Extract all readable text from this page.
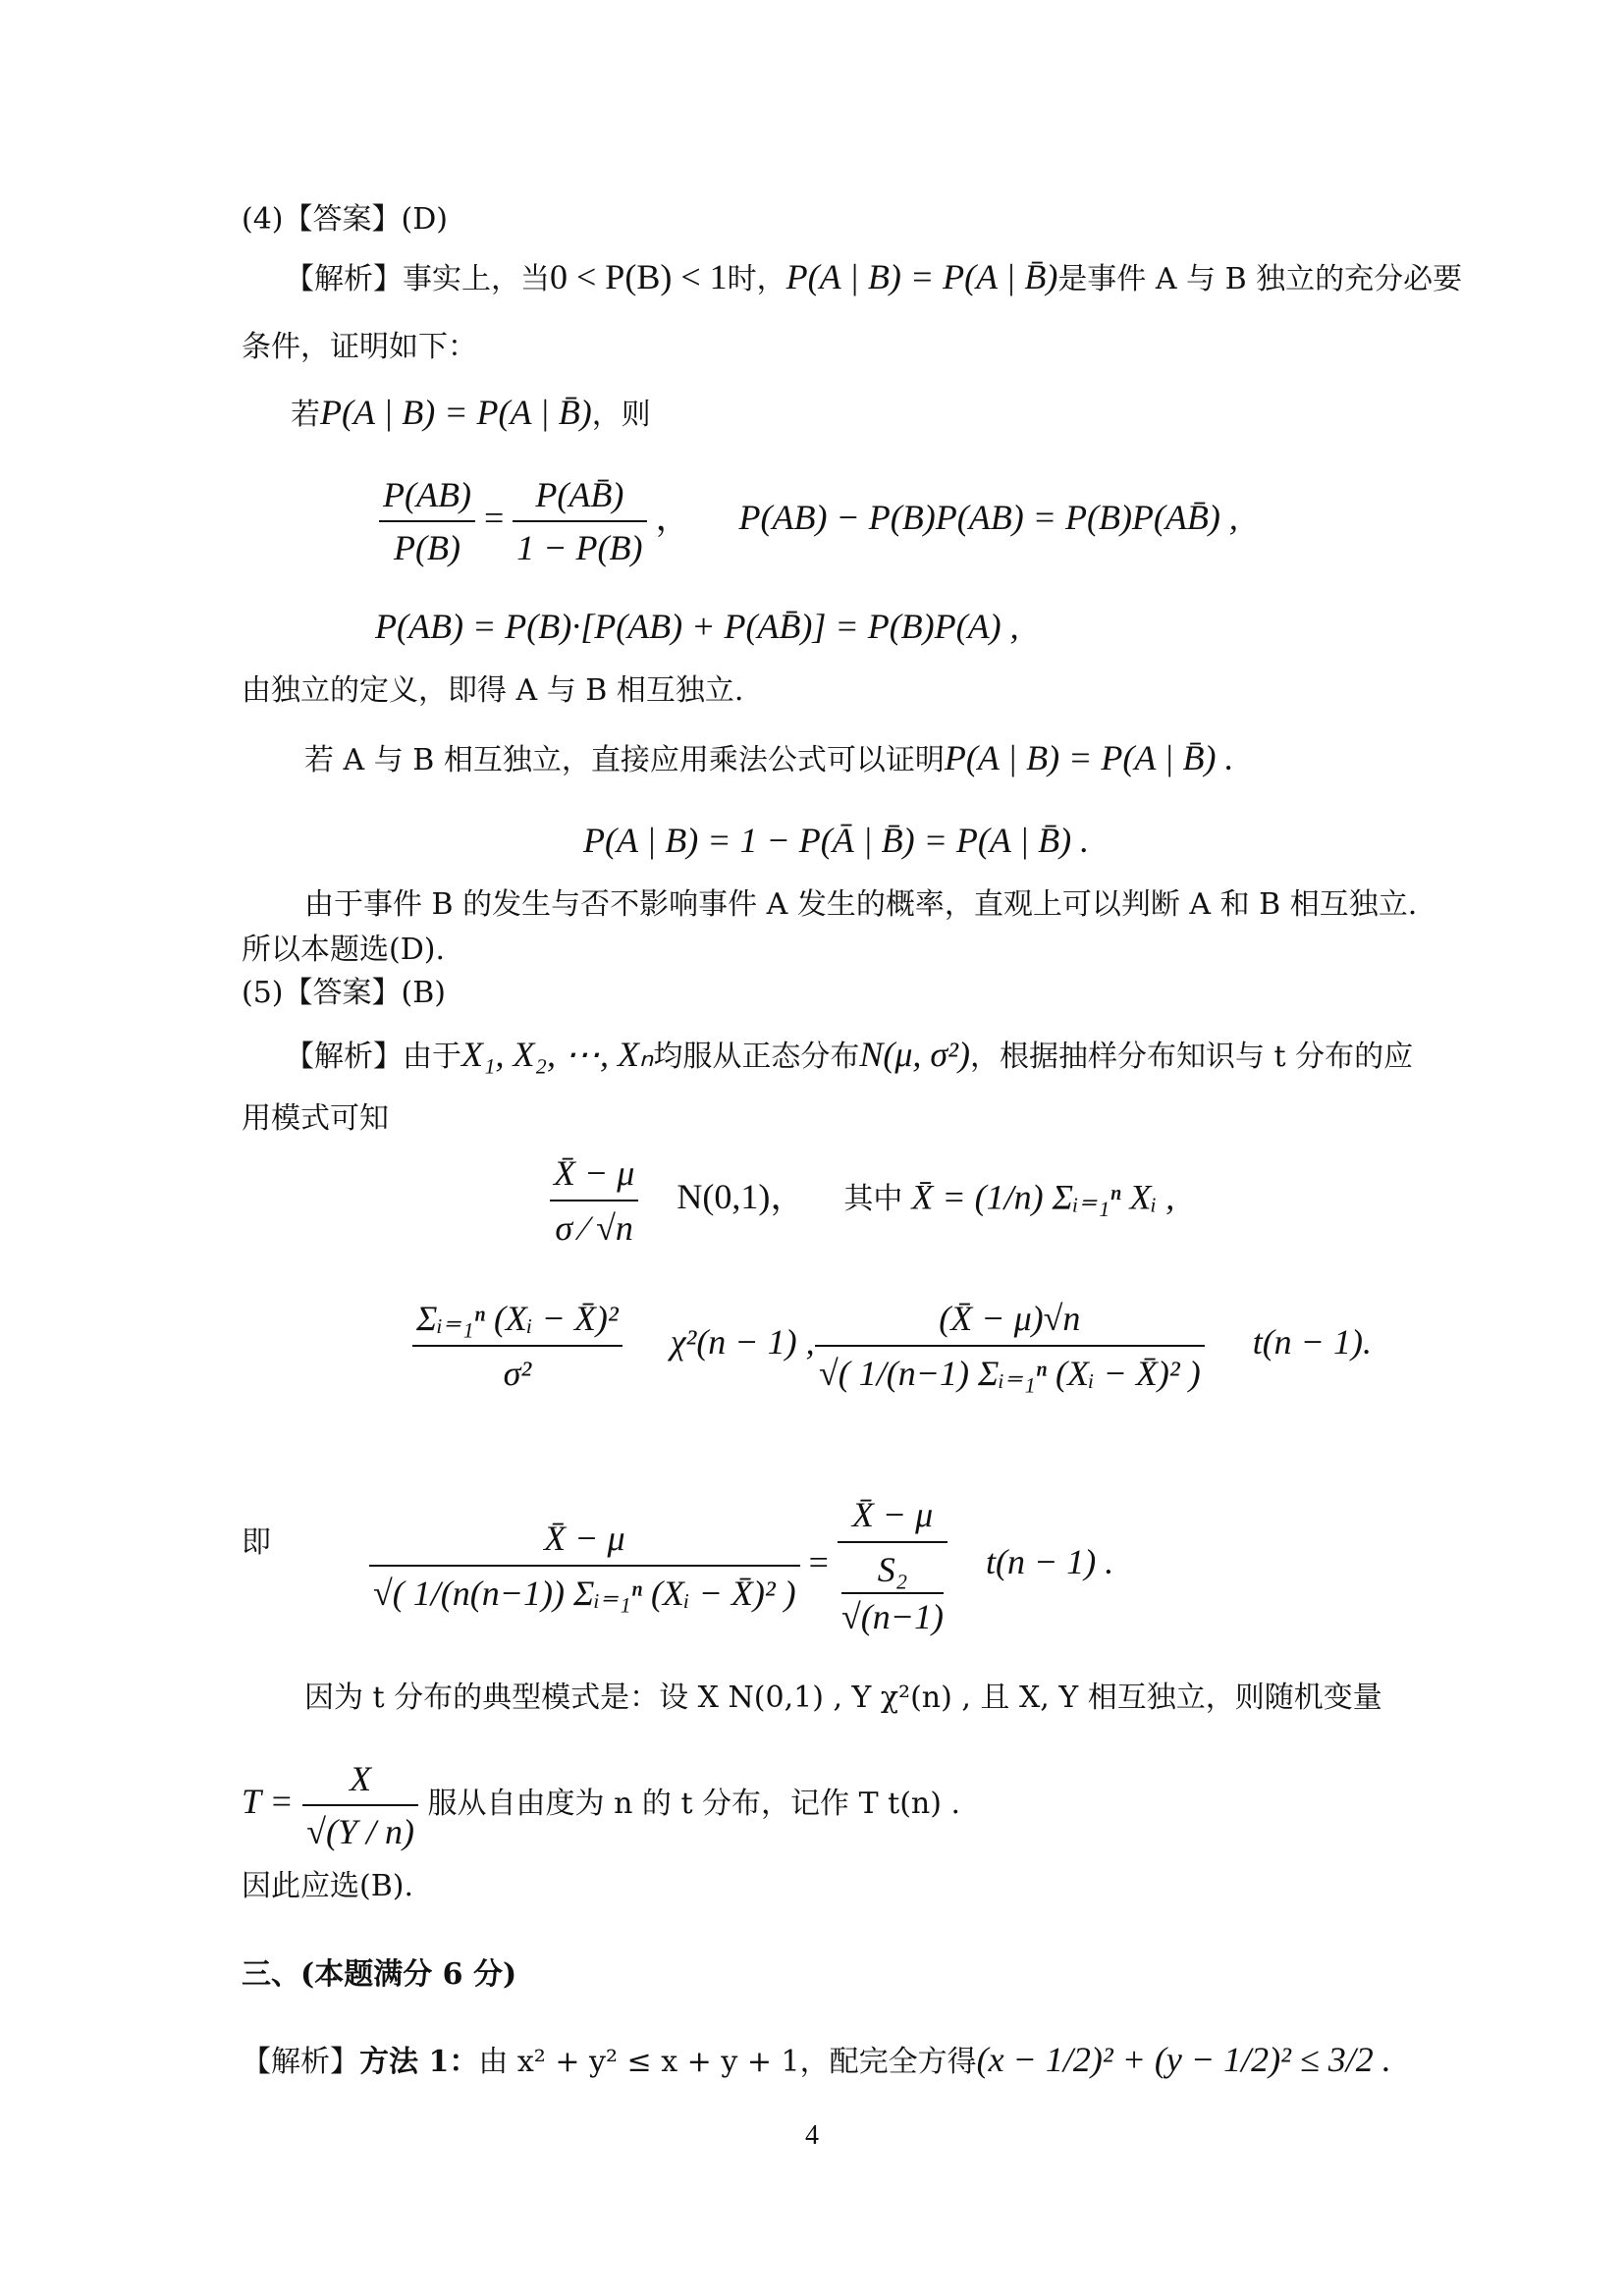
(4)【答案】(D)
【解析】事实上，当0 < P(B) < 1时，P(A | B) = P(A | B̄)是事件 A 与 B 独立的充分必要
条件，证明如下：
若P(A | B) = P(A | B̄)，则
$\frac{P(AB)}{P(B)} = \frac{P(AB̄)}{1 - P(B)}$ ， P(AB) − P(B)P(AB) = P(B)P(AB̄) ,
P(AB) = P(B)·[P(AB) + P(AB̄)] = P(B)P(A) ,
由独立的定义，即得 A 与 B 相互独立.
若 A 与 B 相互独立，直接应用乘法公式可以证明P(A | B) = P(A | B̄) .
P(A | B) = 1 − P(Ā | B̄) = P(A | B̄) .
由于事件 B 的发生与否不影响事件 A 发生的概率，直观上可以判断 A 和 B 相互独立.
所以本题选(D).
(5)【答案】(B)
【解析】由于X₁, X₂, ⋯, Xₙ均服从正态分布N(μ, σ²)，根据抽样分布知识与 t 分布的应
用模式可知
$\frac{X̄ - \mu}{\sigma ⁄ √n} N(0,1)$， 其中 X̄ = (1/n) Σᵢ₌₁ⁿ Xᵢ ,
$\frac{\text{Σᵢ₌₁ⁿ (Xᵢ − X̄)²}}{\text{σ²}} \chi^2(n - 1)$ , $\frac{(X̄ - \mu)√n}{\text{√( 1/(n−1) Σᵢ₌₁ⁿ (Xᵢ − X̄)² )}} t(n - 1)$.
即	$\frac{X̄ - \mu}{\text{√( 1/(n(n−1)) Σᵢ₌₁ⁿ (Xᵢ − X̄)² )}}$ = X̄ − μ
S₂
√(n−1) t(n − 1) .
因为 t 分布的典型模式是：设 X N(0,1) , Y χ²(n) , 且 X, Y 相互独立，则随机变量
$T = \frac{X}{√(Y / n)}$ 服从自由度为 n 的 t 分布，记作 T t(n) .
因此应选(B).
三、(本题满分 6 分)
【解析】方法 1：由 x² + y² ≤ x + y + 1，配完全方得(x − 1/2)² + (y − 1/2)² ≤ 3/2 .
4
